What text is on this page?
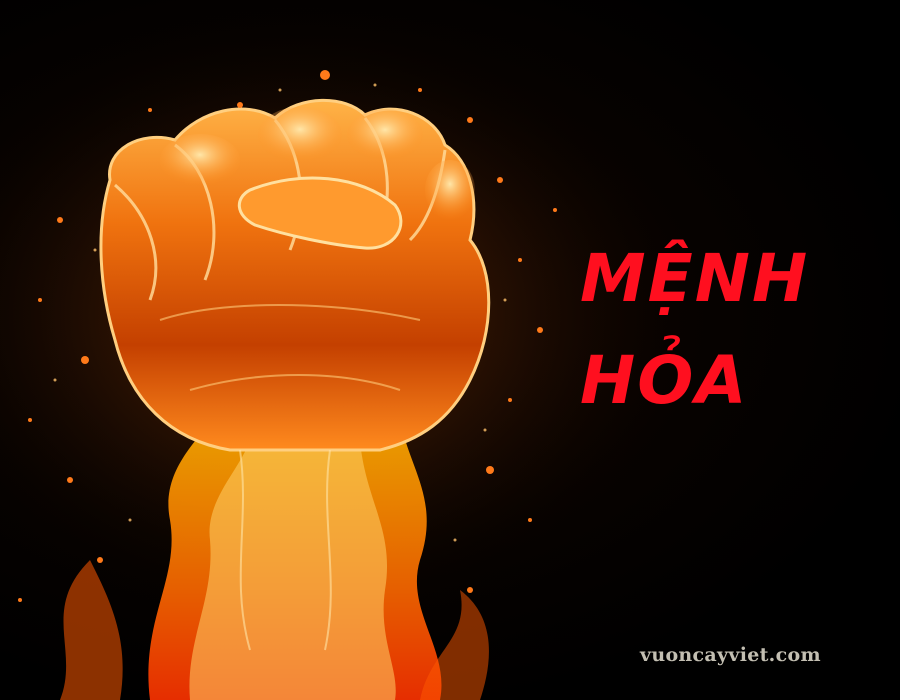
MỆNH
HỎA
vuoncayviet.com
